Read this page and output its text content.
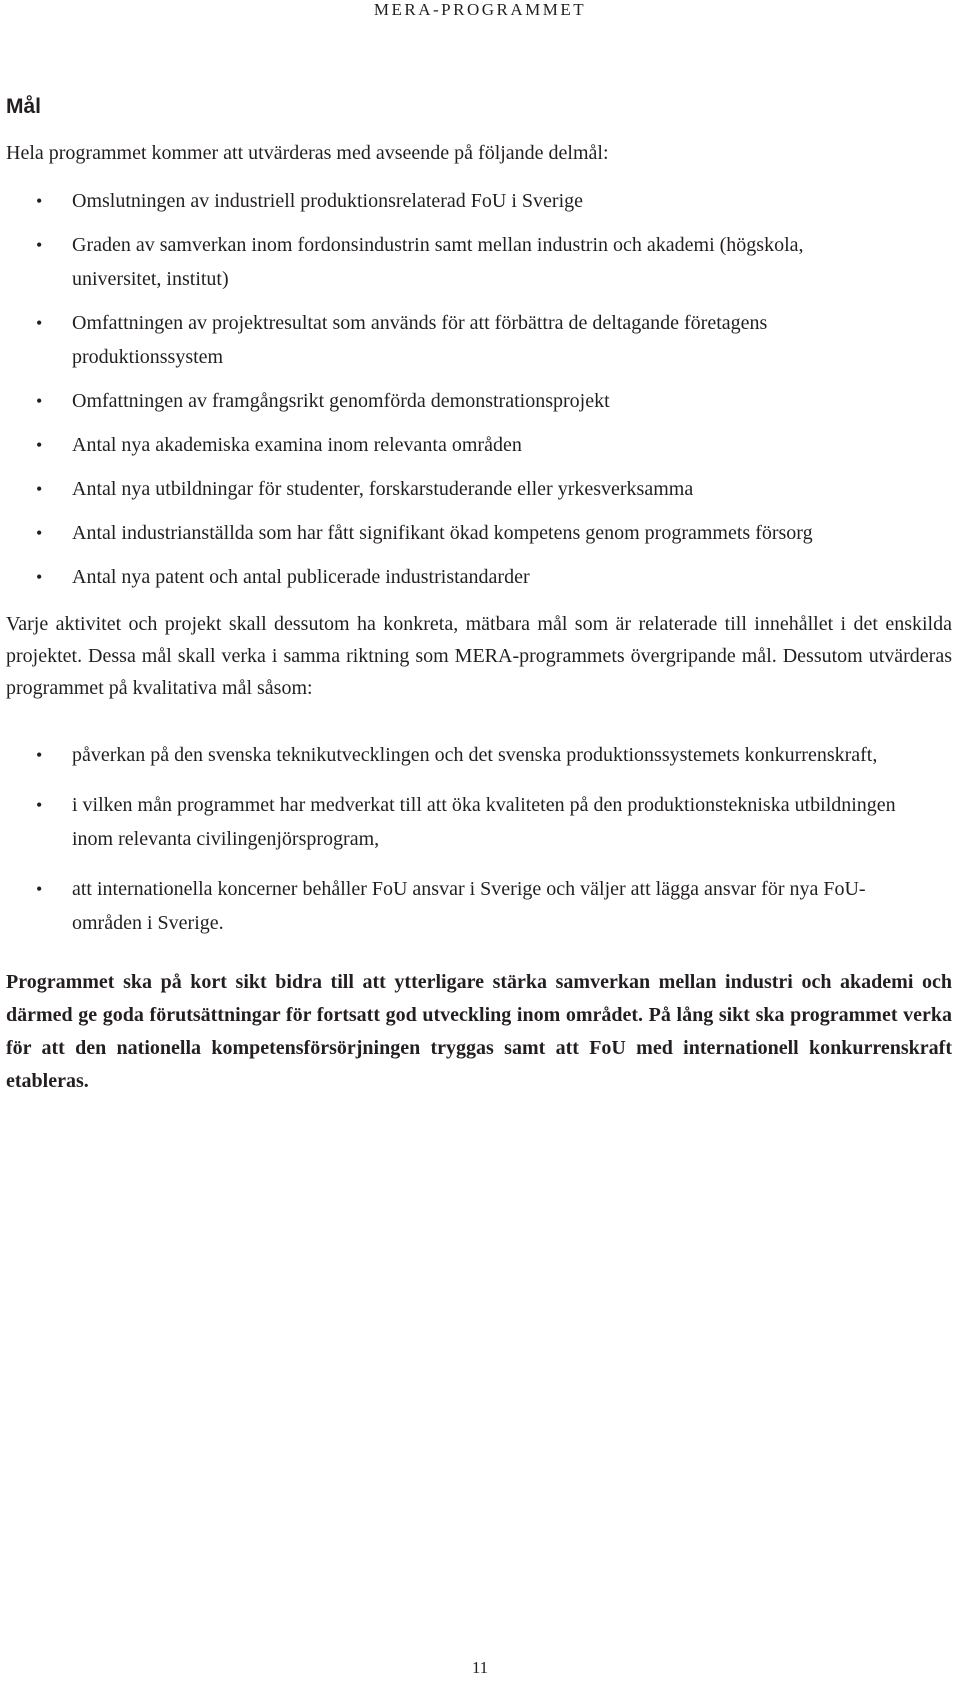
MERA-PROGRAMMET
Mål

Hela programmet kommer att utvärderas med avseende på följande delmål:

• Omslutningen av industriell produktionsrelaterad FoU i Sverige
• Graden av samverkan inom fordonsindustrin samt mellan industrin och akademi (högskola, universitet, institut)
• Omfattningen av projektresultat som används för att förbättra de deltagande företagens produktionssystem
• Omfattningen av framgångsrikt genomförda demonstrationsprojekt
• Antal nya akademiska examina inom relevanta områden
• Antal nya utbildningar för studenter, forskarstuderande eller yrkesverksamma
• Antal industrianställda som har fått signifikant ökad kompetens genom programmets försorg
• Antal nya patent och antal publicerade industristandarder

Varje aktivitet och projekt skall dessutom ha konkreta, mätbara mål som är relaterade till innehållet i det enskilda projektet. Dessa mål skall verka i samma riktning som MERA-programmets övergripande mål. Dessutom utvärderas programmet på kvalitativa mål såsom:

• påverkan på den svenska teknikutvecklingen och det svenska produktionssystemets konkurrenskraft,
• i vilken mån programmet har medverkat till att öka kvaliteten på den produktionstekniska utbildningen inom relevanta civilingenjörsprogram,
• att internationella koncerner behåller FoU ansvar i Sverige och väljer att lägga ansvar för nya FoU-områden i Sverige.

Programmet ska på kort sikt bidra till att ytterligare stärka samverkan mellan industri och akademi och därmed ge goda förutsättningar för fortsatt god utveckling inom området. På lång sikt ska programmet verka för att den nationella kompetensförsörjningen tryggas samt att FoU med internationell konkurrenskraft etableras.

11
